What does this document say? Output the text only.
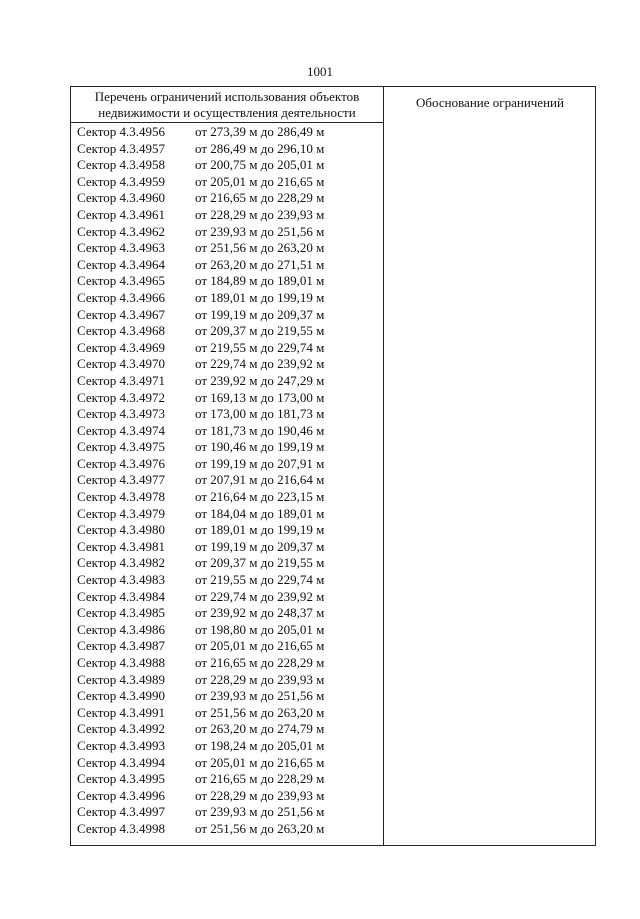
1001
Перечень ограничений использования объектов
недвижимости и осуществления деятельности
Обоснование ограничений
Сектор 4.3.4956 от 273,39 м до 286,49 м
Сектор 4.3.4957 от 286,49 м до 296,10 м
Сектор 4.3.4958 от 200,75 м до 205,01 м
Сектор 4.3.4959 от 205,01 м до 216,65 м
Сектор 4.3.4960 от 216,65 м до 228,29 м
Сектор 4.3.4961 от 228,29 м до 239,93 м
Сектор 4.3.4962 от 239,93 м до 251,56 м
Сектор 4.3.4963 от 251,56 м до 263,20 м
Сектор 4.3.4964 от 263,20 м до 271,51 м
Сектор 4.3.4965 от 184,89 м до 189,01 м
Сектор 4.3.4966 от 189,01 м до 199,19 м
Сектор 4.3.4967 от 199,19 м до 209,37 м
Сектор 4.3.4968 от 209,37 м до 219,55 м
Сектор 4.3.4969 от 219,55 м до 229,74 м
Сектор 4.3.4970 от 229,74 м до 239,92 м
Сектор 4.3.4971 от 239,92 м до 247,29 м
Сектор 4.3.4972 от 169,13 м до 173,00 м
Сектор 4.3.4973 от 173,00 м до 181,73 м
Сектор 4.3.4974 от 181,73 м до 190,46 м
Сектор 4.3.4975 от 190,46 м до 199,19 м
Сектор 4.3.4976 от 199,19 м до 207,91 м
Сектор 4.3.4977 от 207,91 м до 216,64 м
Сектор 4.3.4978 от 216,64 м до 223,15 м
Сектор 4.3.4979 от 184,04 м до 189,01 м
Сектор 4.3.4980 от 189,01 м до 199,19 м
Сектор 4.3.4981 от 199,19 м до 209,37 м
Сектор 4.3.4982 от 209,37 м до 219,55 м
Сектор 4.3.4983 от 219,55 м до 229,74 м
Сектор 4.3.4984 от 229,74 м до 239,92 м
Сектор 4.3.4985 от 239,92 м до 248,37 м
Сектор 4.3.4986 от 198,80 м до 205,01 м
Сектор 4.3.4987 от 205,01 м до 216,65 м
Сектор 4.3.4988 от 216,65 м до 228,29 м
Сектор 4.3.4989 от 228,29 м до 239,93 м
Сектор 4.3.4990 от 239,93 м до 251,56 м
Сектор 4.3.4991 от 251,56 м до 263,20 м
Сектор 4.3.4992 от 263,20 м до 274,79 м
Сектор 4.3.4993 от 198,24 м до 205,01 м
Сектор 4.3.4994 от 205,01 м до 216,65 м
Сектор 4.3.4995 от 216,65 м до 228,29 м
Сектор 4.3.4996 от 228,29 м до 239,93 м
Сектор 4.3.4997 от 239,93 м до 251,56 м
Сектор 4.3.4998 от 251,56 м до 263,20 м
